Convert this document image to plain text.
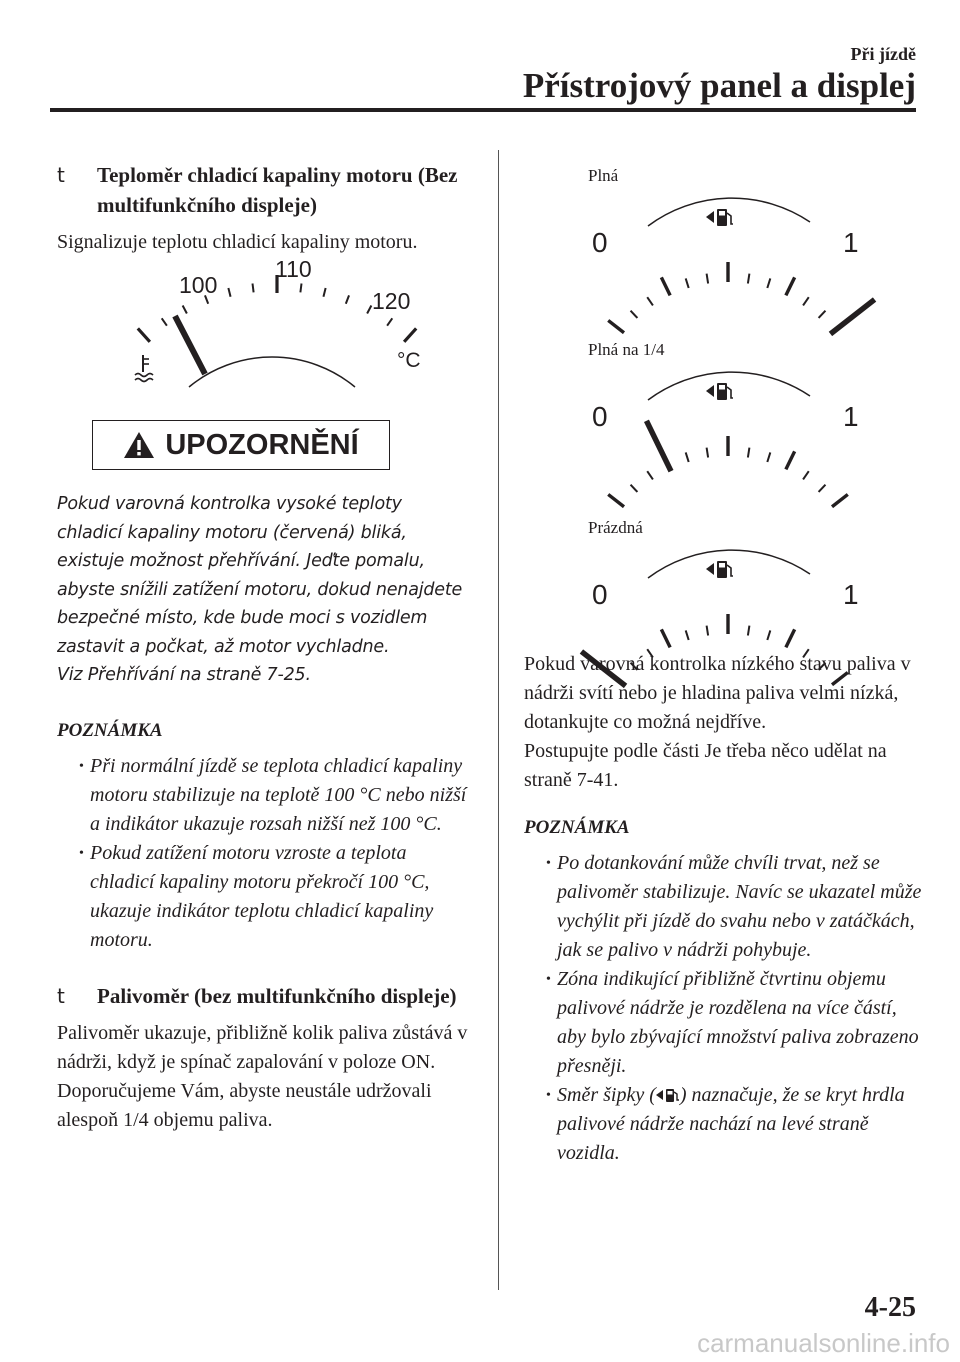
Při jízdě
Přístrojový panel a displej
t	Teploměr chladicí kapaliny motoru (Bez multifunkčního displeje)

Signalizuje teplotu chladicí kapaliny motoru.

100
110
120
°C
UPOZORNĚNÍ
Pokud varovná kontrolka vysoké teploty chladicí kapaliny motoru (červená) bliká, existuje možnost přehřívání. Jeďte pomalu, abyste snížili zatížení motoru, dokud nenajdete bezpečné místo, kde bude moci s vozidlem zastavit a počkat, až motor vychladne.
Viz Přehřívání na straně 7-25.
POZNÁMKA
• Při normální jízdě se teplota chladicí kapaliny motoru stabilizuje na teplotě 100 °C nebo nižší a indikátor ukazuje rozsah nižší než 100 °C.
• Pokud zatížení motoru vzroste a teplota chladicí kapaliny motoru překročí 100 °C, ukazuje indikátor teplotu chladicí kapaliny motoru.
t	Palivoměr (bez multifunkčního displeje)

Palivoměr ukazuje, přibližně kolik paliva zůstává v nádrži, když je spínač zapalování v poloze ON. Doporučujeme Vám, abyste neustále udržovali alespoň 1/4 objemu paliva.

Plná
0	1
Plná na 1/4
0	1
Prázdná
0	1

Pokud varovná kontrolka nízkého stavu paliva v nádrži svítí nebo je hladina paliva velmi nízká, dotankujte co možná nejdříve.
Postupujte podle části Je třeba něco udělat na straně 7-41.

POZNÁMKA
• Po dotankování může chvíli trvat, než se palivoměr stabilizuje. Navíc se ukazatel může vychýlit při jízdě do svahu nebo v zatáčkách, jak se palivo v nádrži pohybuje.
• Zóna indikující přibližně čtvrtinu objemu palivové nádrže je rozdělena na více částí, aby bylo zbývající množství paliva zobrazeno přesněji.
• Směr šipky ( ) naznačuje, že se kryt hrdla palivové nádrže nachází na levé straně vozidla.
4-25
carmanualsonline.info
